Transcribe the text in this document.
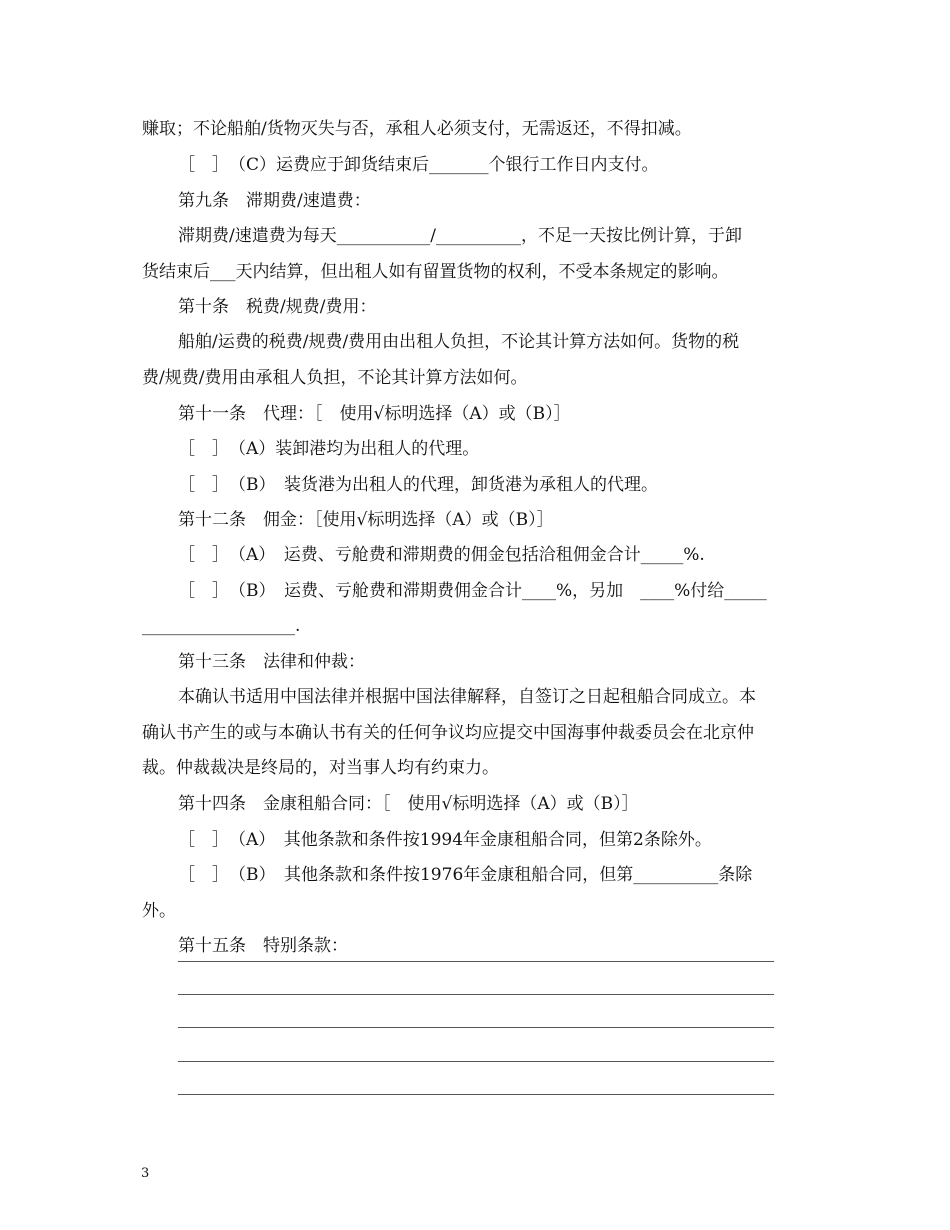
赚取；不论船舶/货物灭失与否，承租人必须支付，无需返还，不得扣减。
［　］　（C）运费应于卸货结束后_______个银行工作日内支付。
第九条　滞期费/速遣费：
滞期费/速遣费为每天___________/__________，不足一天按比例计算，于卸
货结束后___天内结算，但出租人如有留置货物的权利，不受本条规定的影响。
第十条　税费/规费/费用：
船舶/运费的税费/规费/费用由出租人负担，不论其计算方法如何。货物的税
费/规费/费用由承租人负担，不论其计算方法如何。
第十一条　代理：［　使用√标明选择（A）或（B）］
［　］　（A）装卸港均为出租人的代理。
［　］　（B）　装货港为出租人的代理，卸货港为承租人的代理。
第十二条　佣金：［使用√标明选择（A）或（B）］
［　］　（A）　运费、亏舱费和滞期费的佣金包括洽租佣金合计_____%.
［　］　（B）　运费、亏舱费和滞期费佣金合计____%，另加　____%付给_____
__________________.
第十三条　法律和仲裁：
本确认书适用中国法律并根据中国法律解释，自签订之日起租船合同成立。本
确认书产生的或与本确认书有关的任何争议均应提交中国海事仲裁委员会在北京仲
裁。仲裁裁决是终局的，对当事人均有约束力。
第十四条　金康租船合同：［　使用√标明选择（A）或（B）］
［　］　（A）　其他条款和条件按1994年金康租船合同，但第2条除外。
［　］　（B）　其他条款和条件按1976年金康租船合同，但第__________条除
外。
第十五条　特别条款：
3
